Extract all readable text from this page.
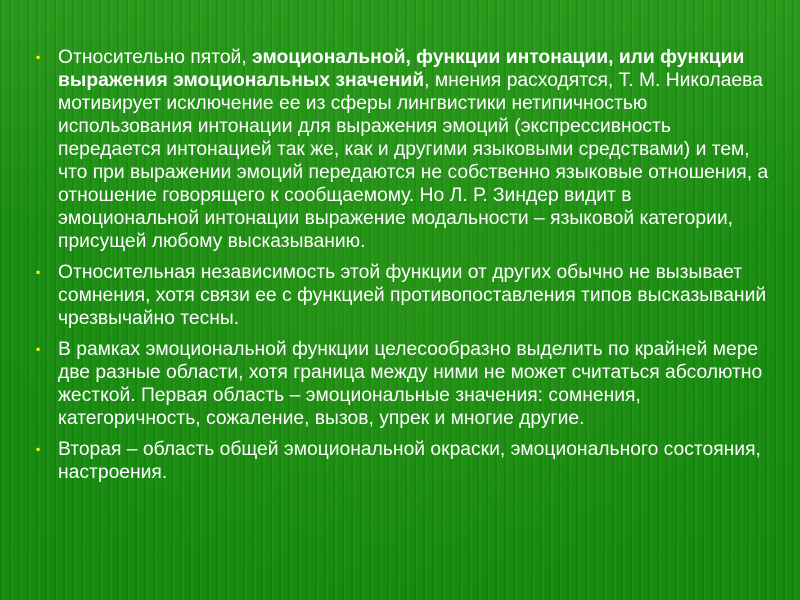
▪ Относительно пятой, эмоциональной, функции интонации, или функции выражения эмоциональных значений, мнения расходятся, Т. М. Николаева мотивирует исключение ее из сферы лингвистики нетипичностью использования интонации для выражения эмоций (экспрессивность передается интонацией так же, как и другими языковыми средствами) и тем, что при выражении эмоций передаются не собственно языковые отношения, а отношение говорящего к сообщаемому. Но Л. Р. Зиндер видит в эмоциональной интонации выражение модальности – языковой категории, присущей любому высказыванию.
▪ Относительная независимость этой функции от других обычно не вызывает сомнения, хотя связи ее с функцией противопоставления типов высказываний чрезвычайно тесны.
▪ В рамках эмоциональной функции целесообразно выделить по крайней мере две разные области, хотя граница между ними не может считаться абсолютно жесткой. Первая область – эмоциональные значения: сомнения, категоричность, сожаление, вызов, упрек и многие другие.
▪ Вторая – область общей эмоциональной окраски, эмоционального состояния, настроения.
